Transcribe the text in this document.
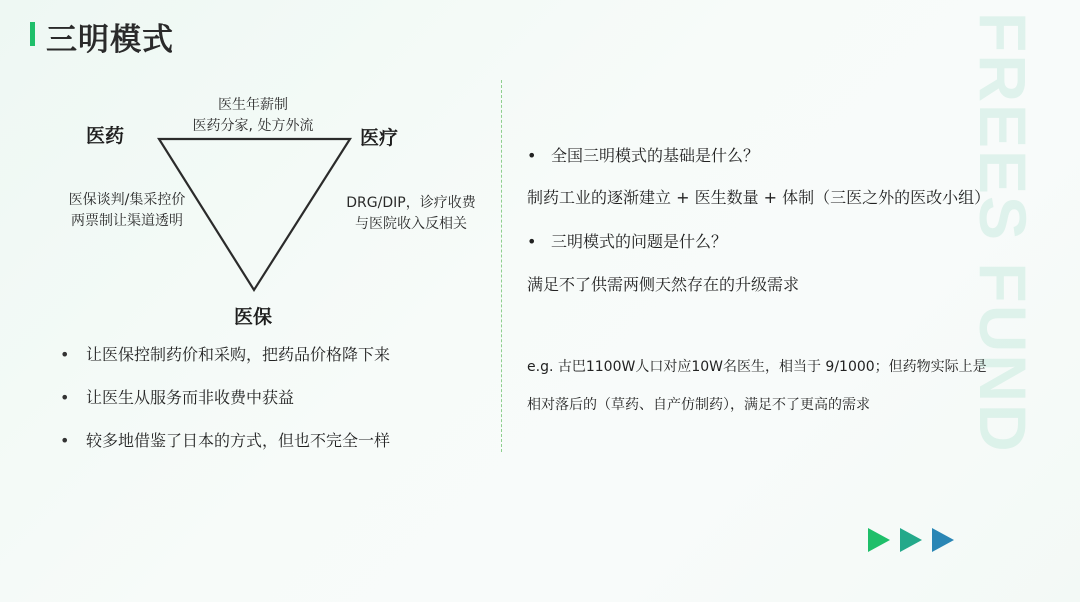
三明模式	FREES FUND
医药	医疗
医保
医生年薪制
医药分家, 处方外流
医保谈判/集采控价
两票制让渠道透明
DRG/DIP，诊疗收费
与医院收入反相关
• 让医保控制药价和采购，把药品价格降下来
• 让医生从服务而非收费中获益
• 较多地借鉴了日本的方式，但也不完全一样
• 全国三明模式的基础是什么？
制药工业的逐渐建立 + 医生数量 + 体制（三医之外的医改小组）
• 三明模式的问题是什么？
满足不了供需两侧天然存在的升级需求
e.g. 古巴1100W人口对应10W名医生，相当于 9/1000；但药物实际上是
相对落后的（草药、自产仿制药），满足不了更高的需求
